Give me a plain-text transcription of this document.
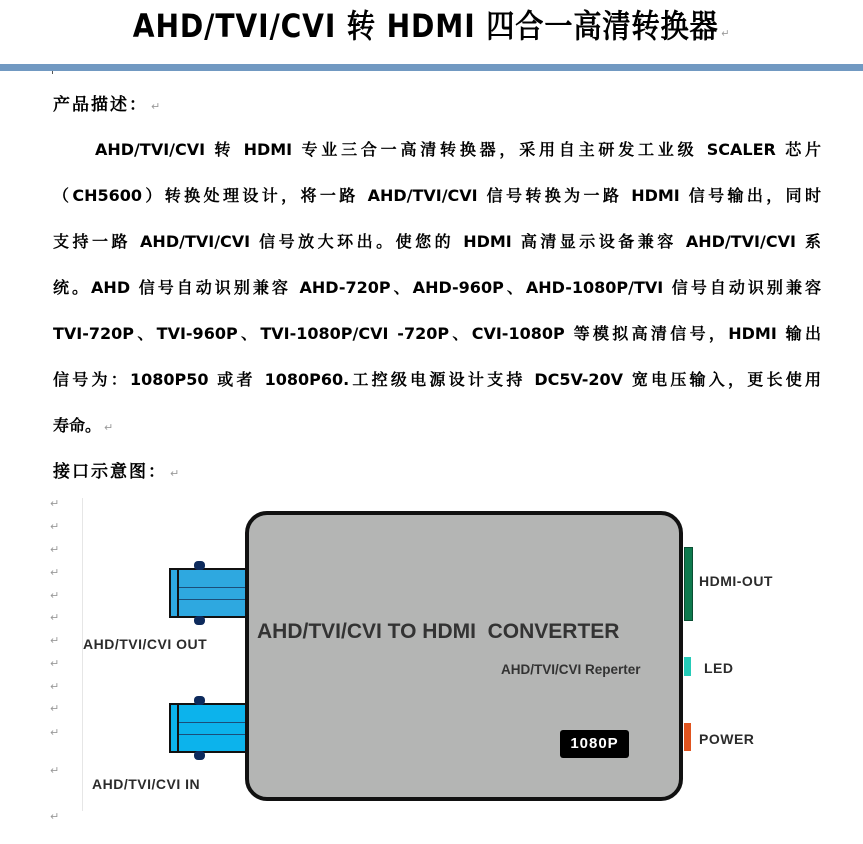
AHD/TVI/CVI 转 HDMI 四合一高清转换器 ↵
产品描述： ↵
AHD/TVI/CVI 转 HDMI 专业三合一高清转换器，采用自主研发工业级 SCALER 芯片
（CH5600）转换处理设计，将一路 AHD/TVI/CVI 信号转换为一路 HDMI 信号输出，同时
支持一路 AHD/TVI/CVI 信号放大环出。使您的 HDMI 高清显示设备兼容 AHD/TVI/CVI 系
统。AHD 信号自动识别兼容 AHD-720P、AHD-960P、AHD-1080P/TVI 信号自动识别兼容
TVI-720P、TVI-960P、TVI-1080P/CVI -720P、CVI-1080P 等模拟高清信号，HDMI 输出
信号为：1080P50 或者 1080P60.工控级电源设计支持 DC5V-20V 宽电压输入，更长使用
寿命。 ↵
接口示意图： ↵
↵
↵
↵
↵
↵
↵
↵
↵
↵
↵
↵
↵
↵
AHD/TVI/CVI OUT
AHD/TVI/CVI IN
AHD/TVI/CVI TO HDMI  CONVERTER
AHD/TVI/CVI Reperter
1080P
HDMI-OUT
LED
POWER
